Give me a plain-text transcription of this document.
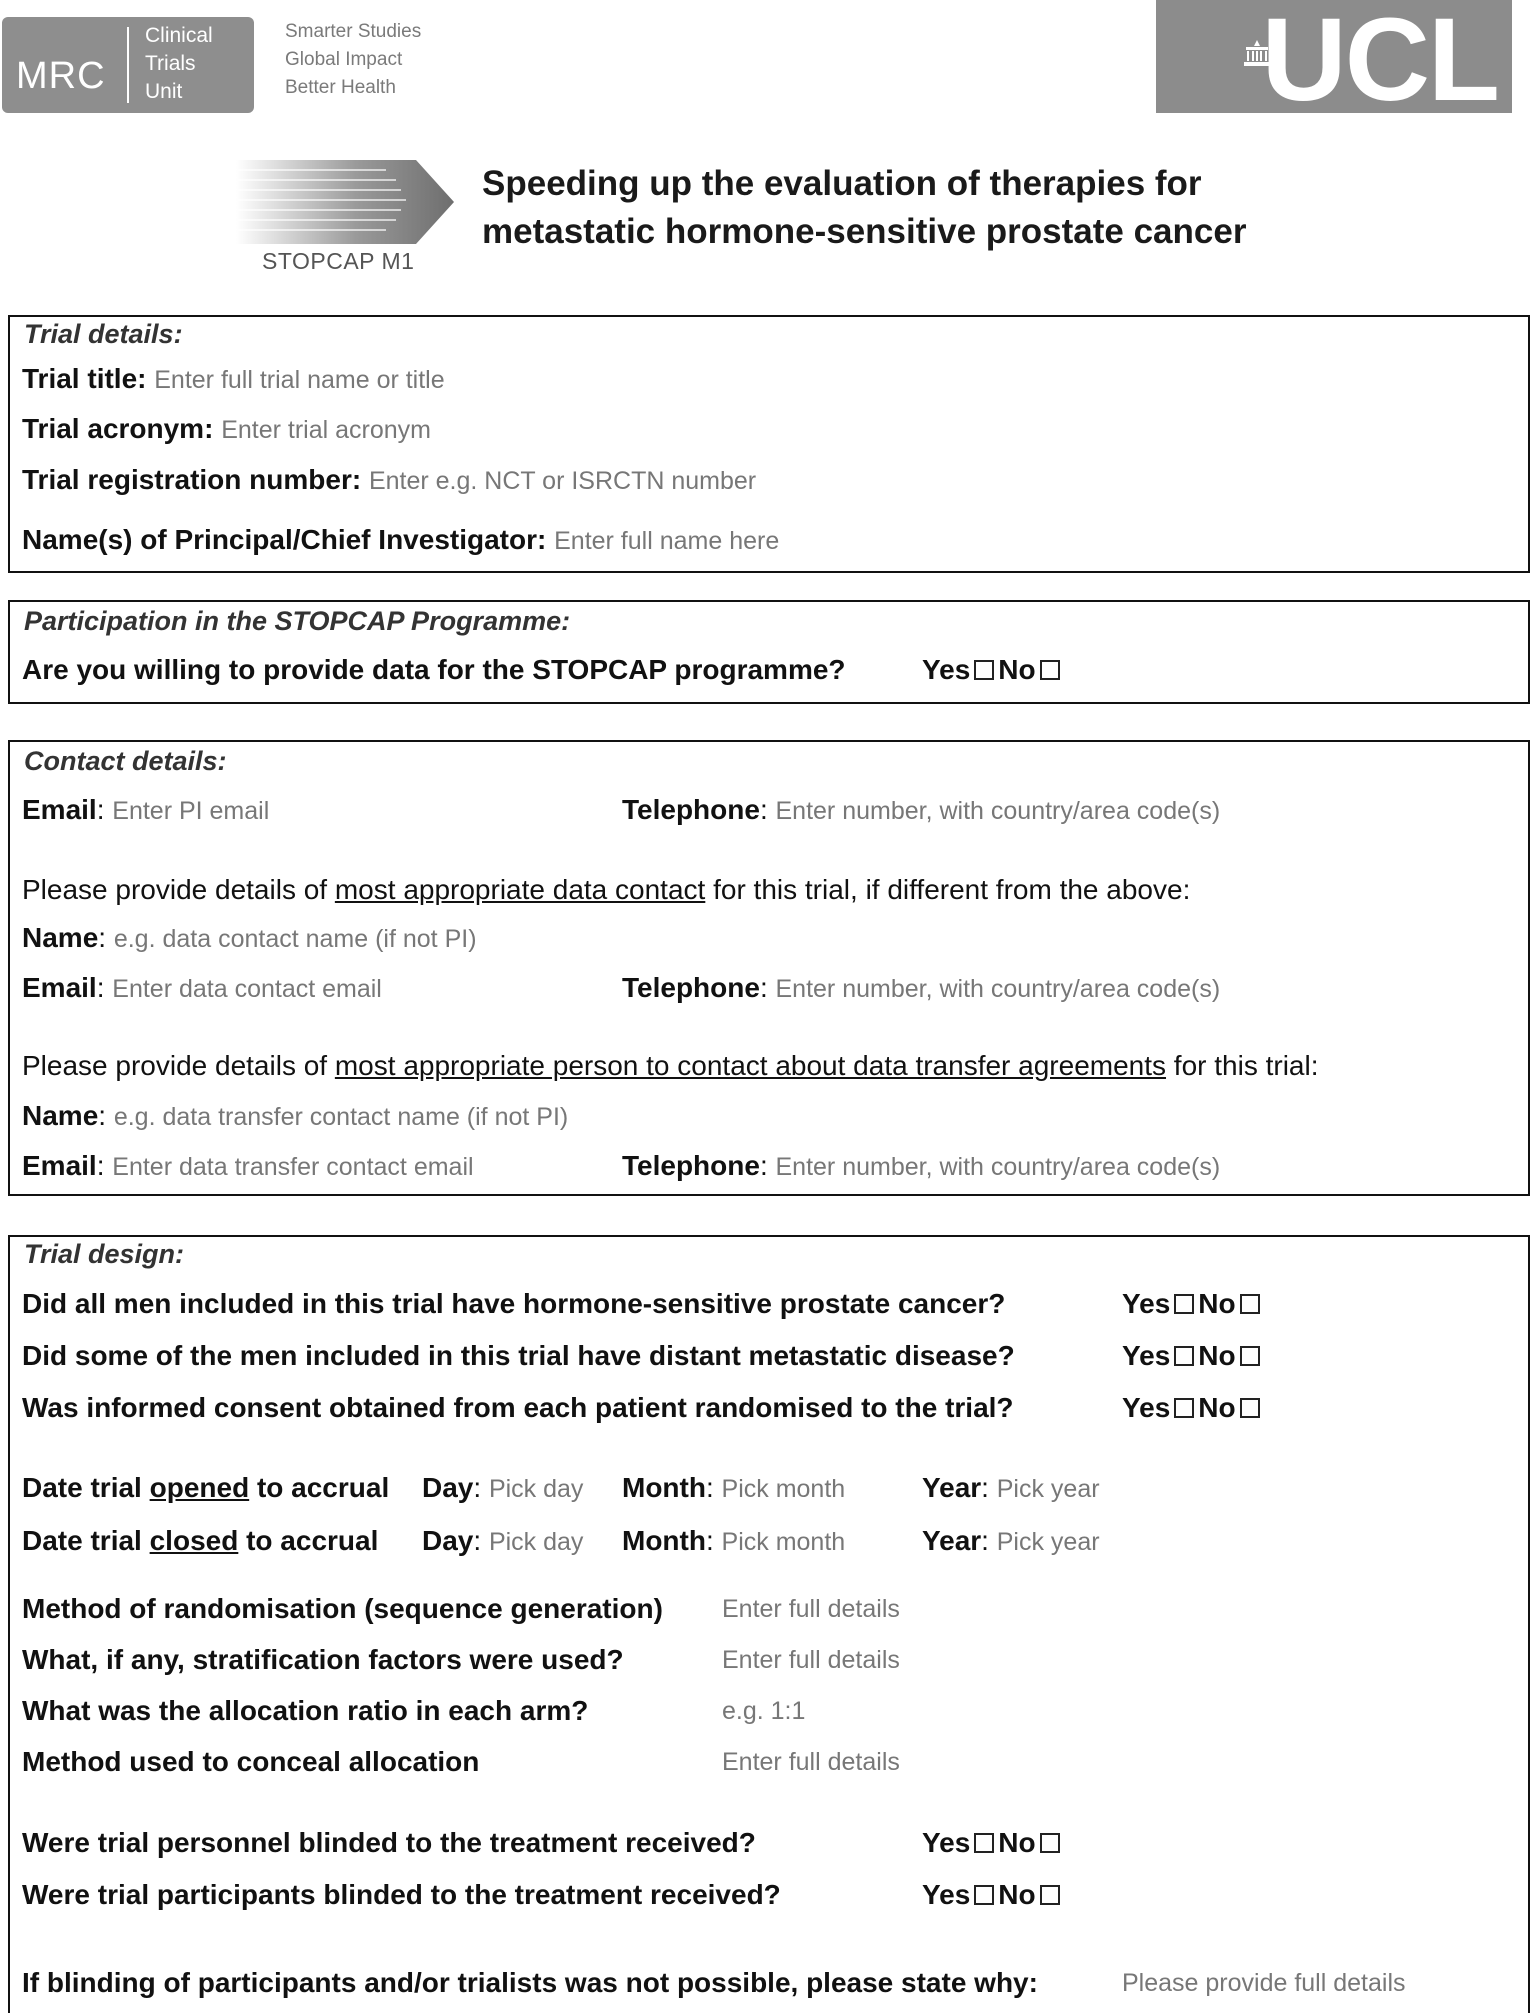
MRC
Clinical
Trials
Unit
Smarter Studies
Global Impact
Better Health	UCL
STOPCAP M1
Speeding up the evaluation of therapies for
metastatic hormone-sensitive prostate cancer
Trial details:
Trial title: Enter full trial name or title
Trial acronym: Enter trial acronym
Trial registration number: Enter e.g. NCT or ISRCTN number
Name(s) of Principal/Chief Investigator: Enter full name here
Participation in the STOPCAP Programme:
Are you willing to provide data for the STOPCAP programme?	Yes No
Contact details:
Email: Enter PI email	Telephone: Enter number, with country/area code(s)
Please provide details of most appropriate data contact for this trial, if different from the above:
Name: e.g. data contact name (if not PI)
Email: Enter data contact email	Telephone: Enter number, with country/area code(s)
Please provide details of most appropriate person to contact about data transfer agreements for this trial:
Name: e.g. data transfer contact name (if not PI)
Email: Enter data transfer contact email	Telephone: Enter number, with country/area code(s)
Trial design:
Did all men included in this trial have hormone-sensitive prostate cancer?	Yes No
Did some of the men included in this trial have distant metastatic disease?	Yes No
Was informed consent obtained from each patient randomised to the trial?	Yes No
Date trial opened to accrual Day: Pick day Month: Pick month	Year: Pick year
Date trial closed to accrual Day: Pick day Month: Pick month	Year: Pick year
Method of randomisation (sequence generation) Enter full details
What, if any, stratification factors were used?	Enter full details
What was the allocation ratio in each arm?	e.g. 1:1
Method used to conceal allocation	Enter full details
Were trial personnel blinded to the treatment received?	Yes No
Were trial participants blinded to the treatment received?	Yes No
If blinding of participants and/or trialists was not possible, please state why:	Please provide full details
